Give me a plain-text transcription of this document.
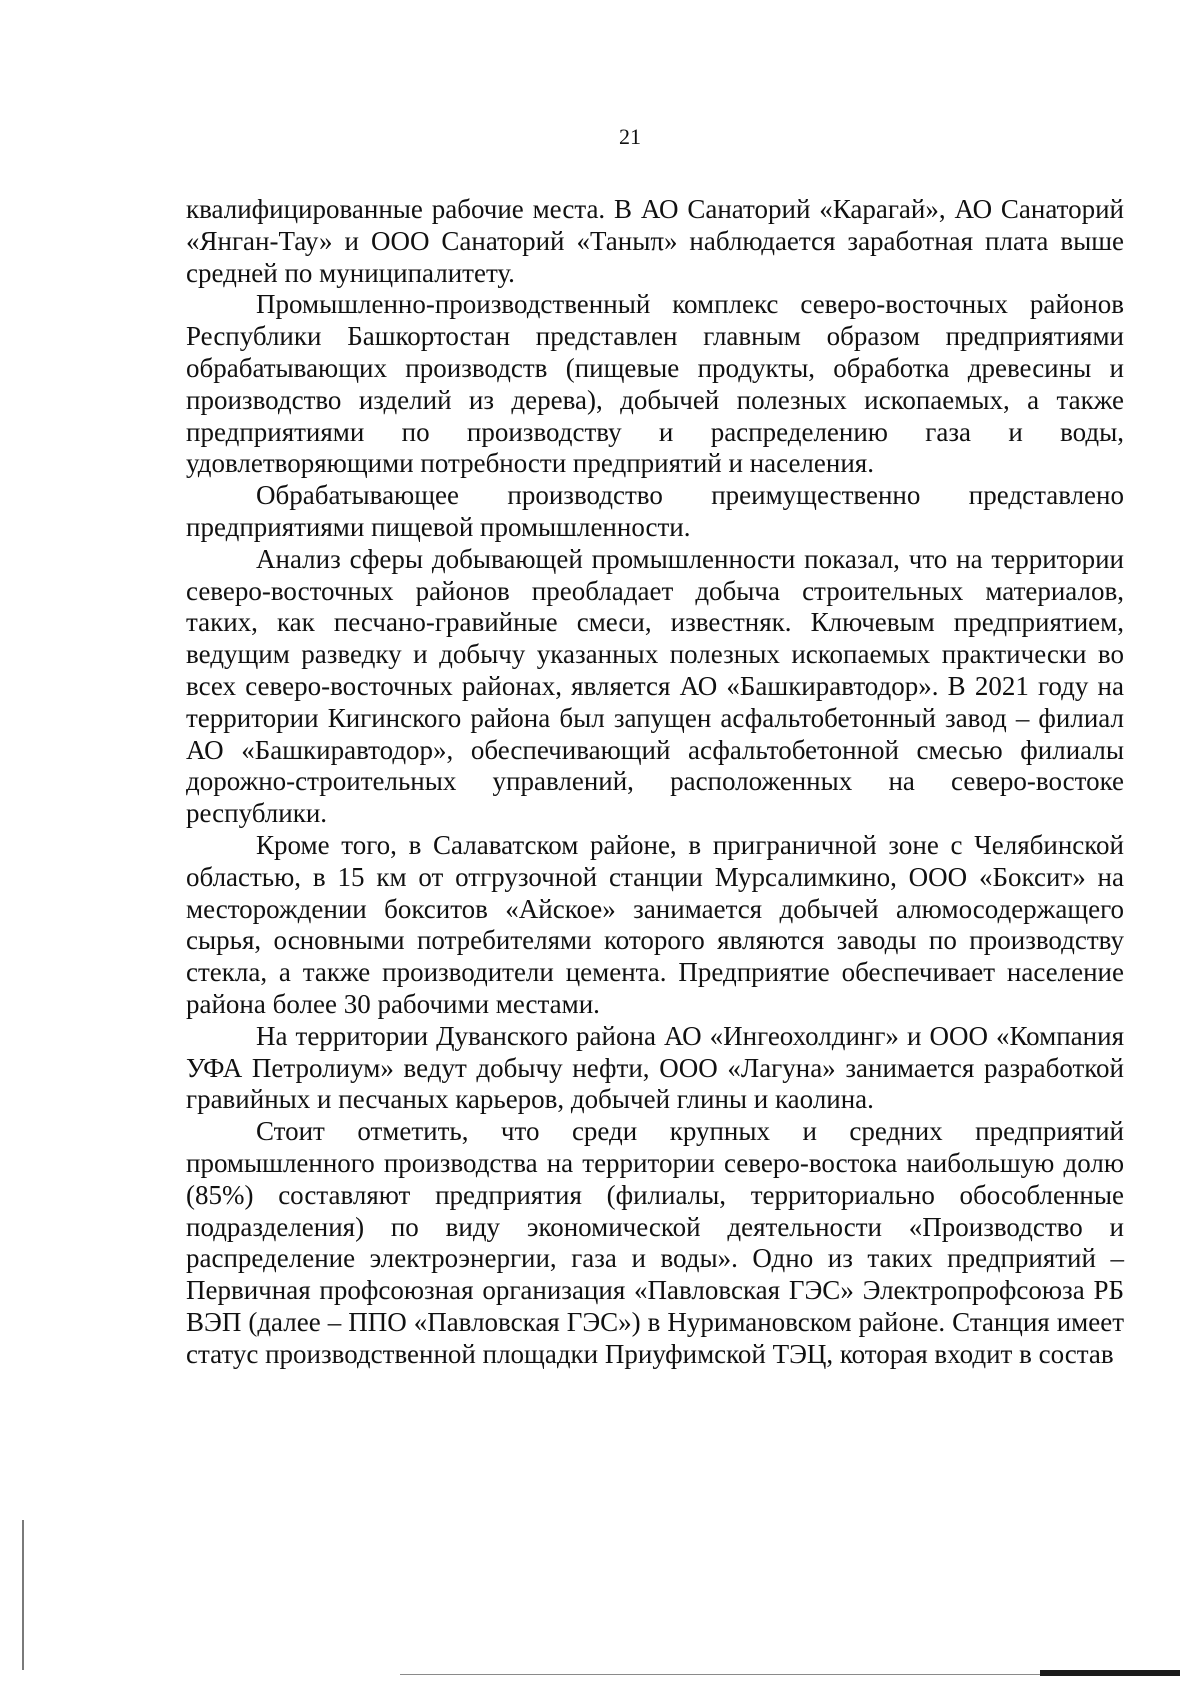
21

квалифицированные рабочие места. В АО Санаторий «Карагай», АО Санаторий «Янган-Тау» и ООО Санаторий «Таныπ» наблюдается заработная плата выше средней по муниципалитету.

Промышленно-производственный комплекс северо-восточных районов Республики Башкортостан представлен главным образом предприятиями обрабатывающих производств (пищевые продукты, обработка древесины и производство изделий из дерева), добычей полезных ископаемых, а также предприятиями по производству и распределению газа и воды, удовлетворяющими потребности предприятий и населения.

Обрабатывающее производство преимущественно представлено предприятиями пищевой промышленности.

Анализ сферы добывающей промышленности показал, что на территории северо-восточных районов преобладает добыча строительных материалов, таких, как песчано-гравийные смеси, известняк. Ключевым предприятием, ведущим разведку и добычу указанных полезных ископаемых практически во всех северо-восточных районах, является АО «Башкиравтодор». В 2021 году на территории Кигинского района был запущен асфальтобетонный завод – филиал АО «Башкиравтодор», обеспечивающий асфальтобетонной смесью филиалы дорожно-строительных управлений, расположенных на северо-востоке республики.

Кроме того, в Салаватском районе, в приграничной зоне с Челябинской областью, в 15 км от отгрузочной станции Мурсалимкино, ООО «Боксит» на месторождении бокситов «Айское» занимается добычей алюмосодержащего сырья, основными потребителями которого являются заводы по производству стекла, а также производители цемента. Предприятие обеспечивает население района более 30 рабочими местами.

На территории Дуванского района АО «Ингеохолдинг» и ООО «Компания УФА Петролиум» ведут добычу нефти, ООО «Лагуна» занимается разработкой гравийных и песчаных карьеров, добычей глины и каолина.

Стоит отметить, что среди крупных и средних предприятий промышленного производства на территории северо-востока наибольшую долю (85%) составляют предприятия (филиалы, территориально обособленные подразделения) по виду экономической деятельности «Производство и распределение электроэнергии, газа и воды». Одно из таких предприятий – Первичная профсоюзная организация «Павловская ГЭС» Электропрофсоюза РБ ВЭП (далее – ППО «Павловская ГЭС») в Нуримановском районе. Станция имеет статус производственной площадки Приуфимской ТЭЦ, которая входит в состав
